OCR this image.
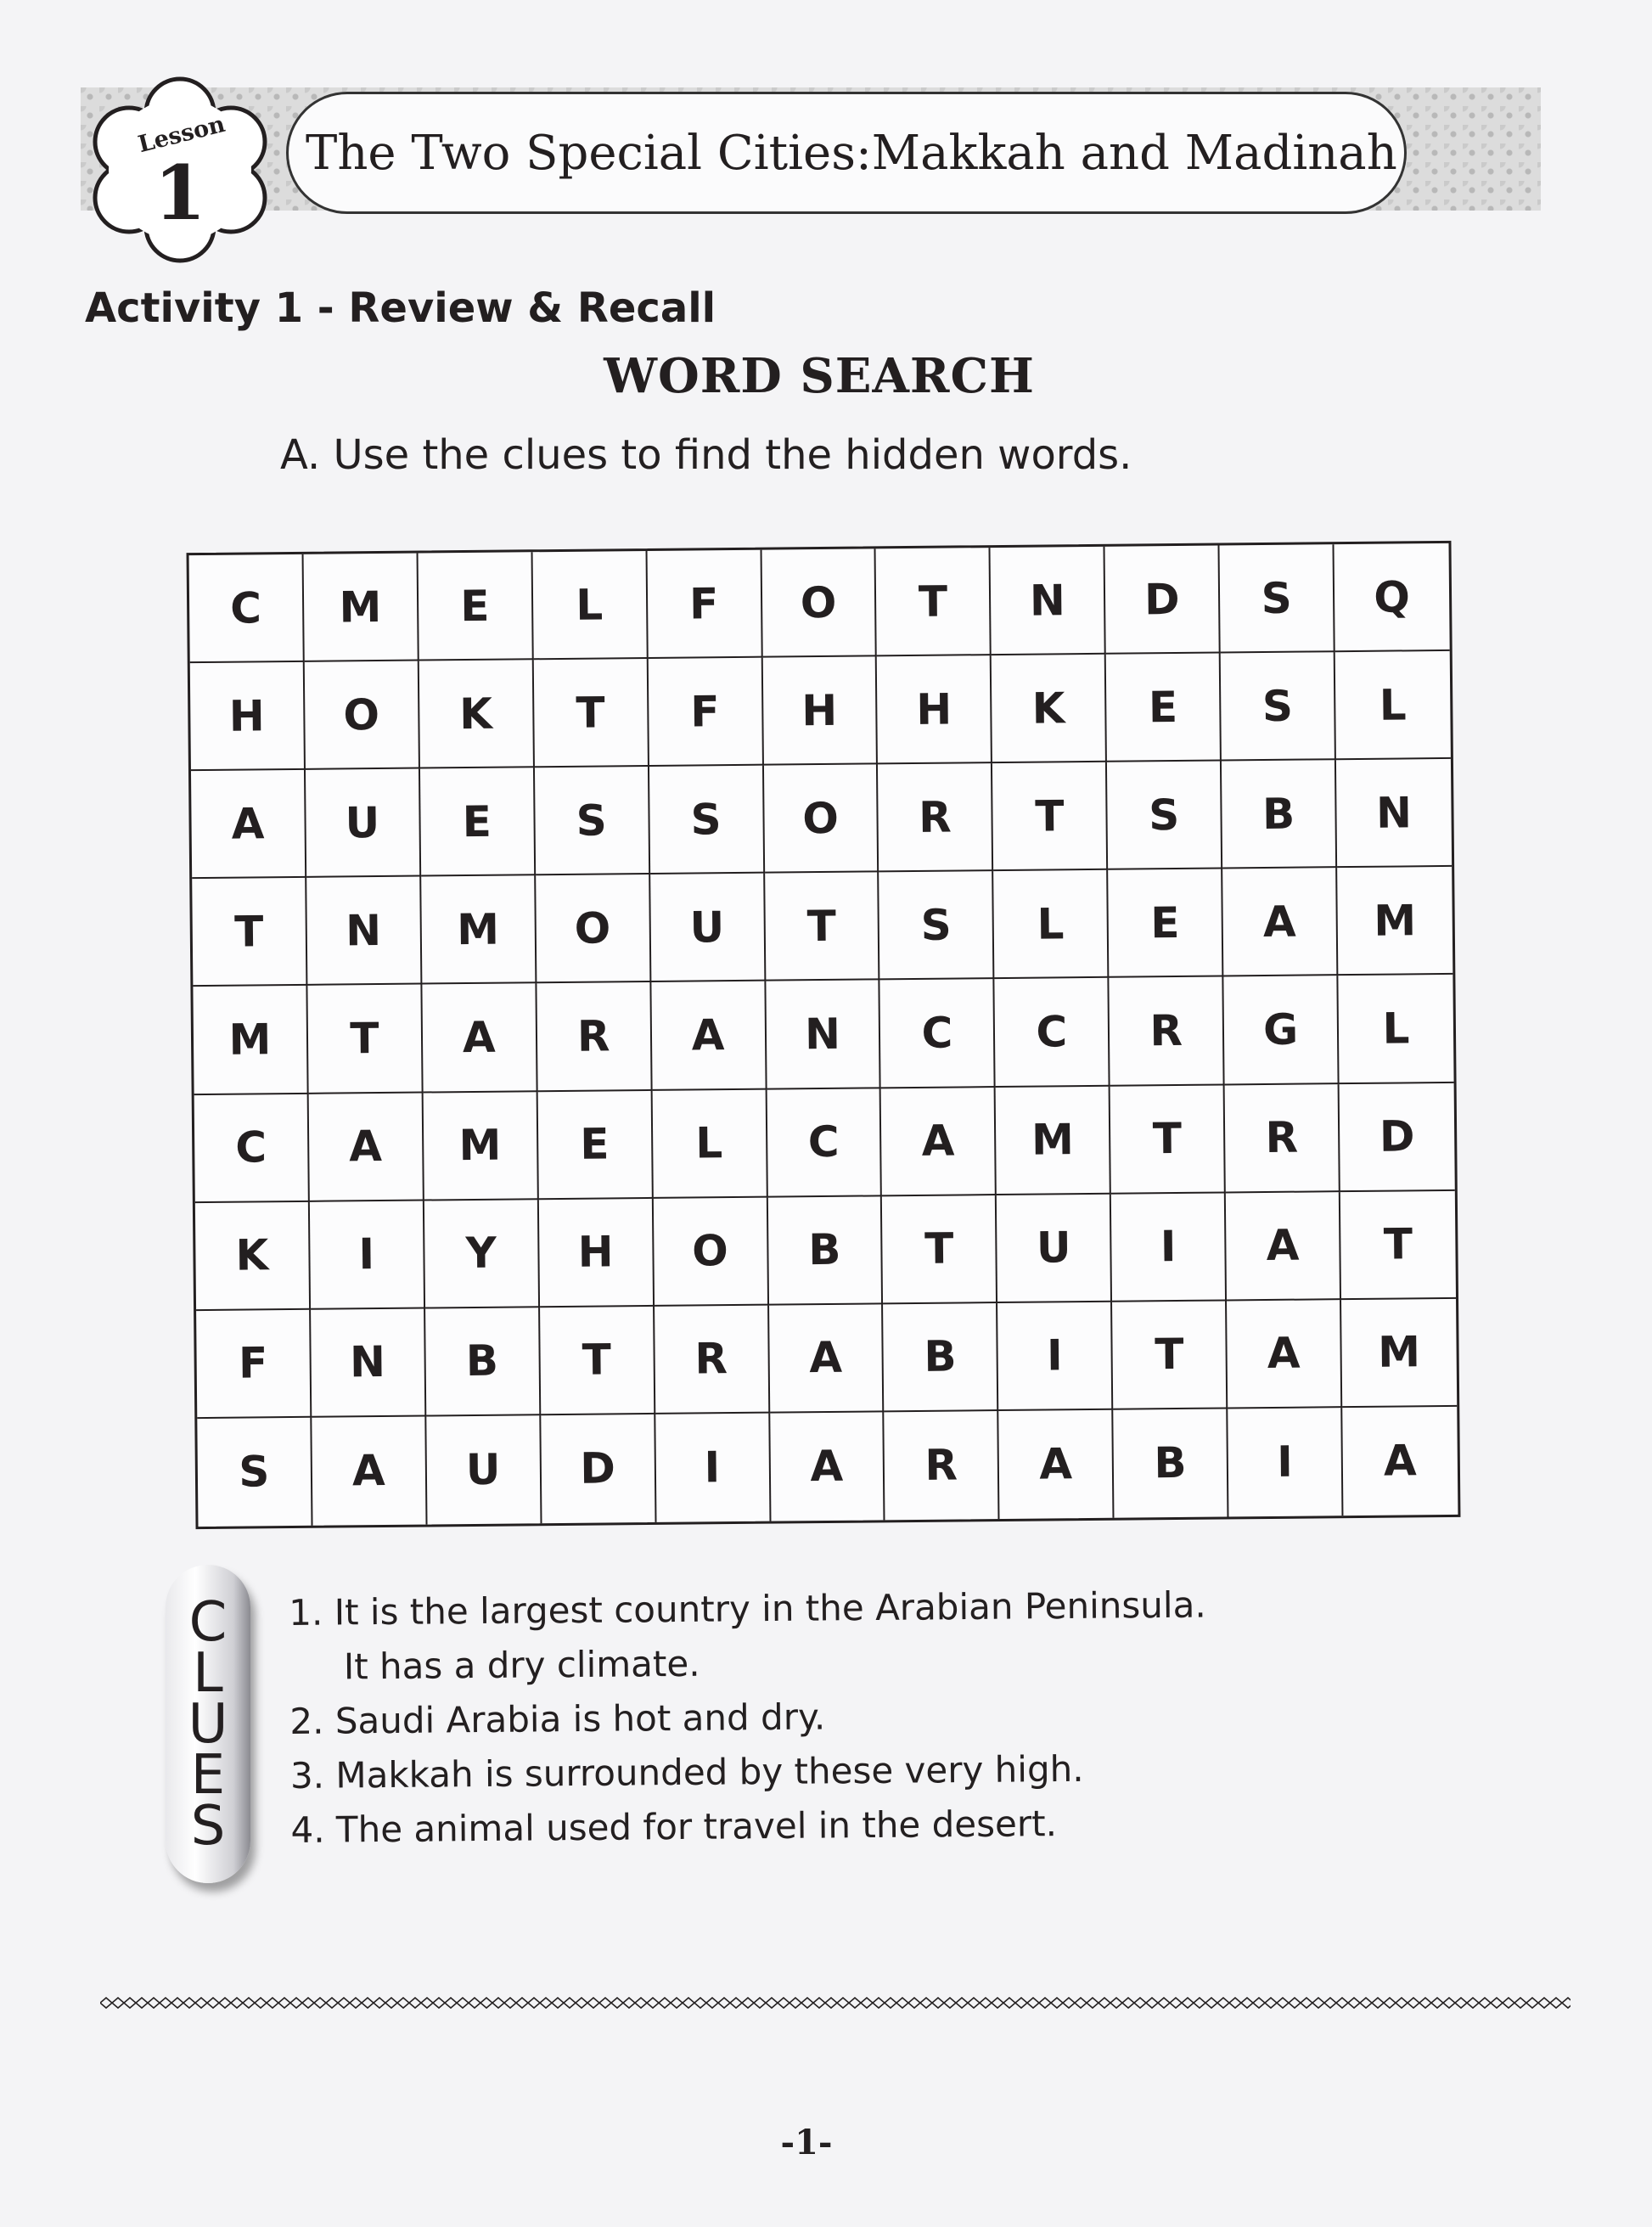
The Two Special Cities:Makkah and Madinah
Lesson
1
Activity 1 - Review & Recall
WORD SEARCH
A. Use the clues to find the hidden words.
C	M	E	L	F	O	T	N	D	S	Q
H	O	K	T	F	H	H	K	E	S	L
A	U	E	S	S	O	R	T	S	B	N
T	N	M	O	U	T	S	L	E	A	M
M	T	A	R	A	N	C	C	R	G	L
C	A	M	E	L	C	A	M	T	R	D
K	I	Y	H	O	B	T	U	I	A	T
F	N	B	T	R	A	B	I	T	A	M
S	A	U	D	I	A	R	A	B	I	A
C
L
U
E
S
1. It is the largest country in the Arabian Peninsula.
It has a dry climate.
2. Saudi Arabia is hot and dry.
3. Makkah is surrounded by these very high.
4. The animal used for travel in the desert.
-1-
